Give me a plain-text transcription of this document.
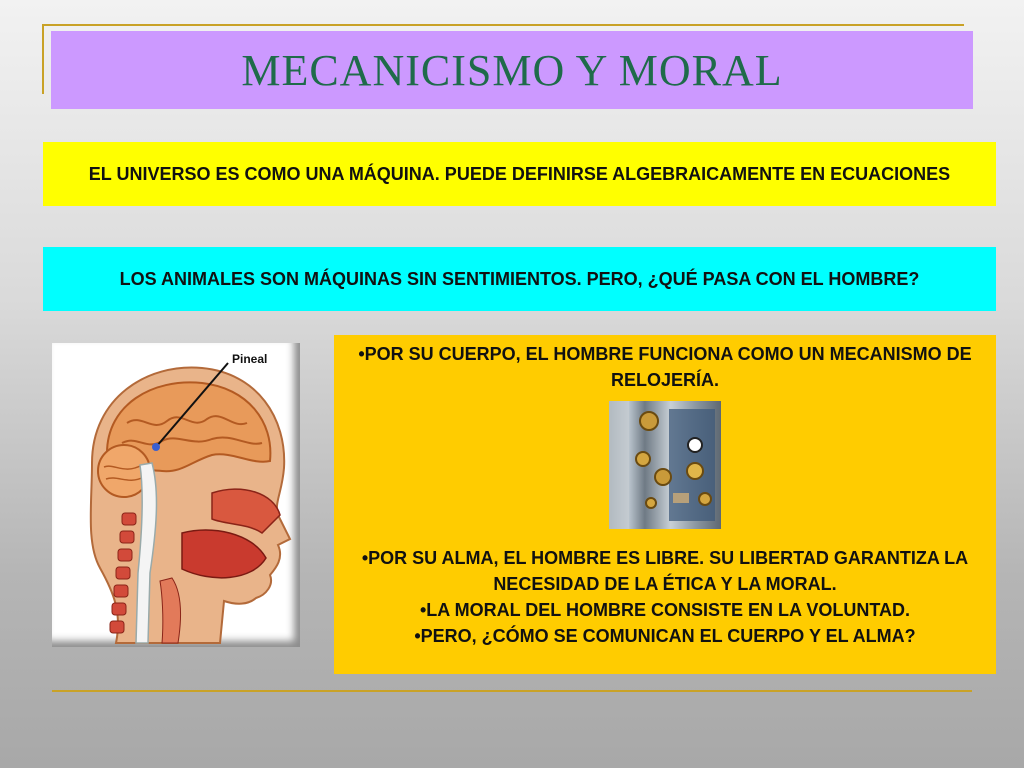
MECANICISMO Y MORAL
EL UNIVERSO ES COMO UNA MÁQUINA. PUEDE DEFINIRSE ALGEBRAICAMENTE EN ECUACIONES
LOS ANIMALES SON MÁQUINAS SIN SENTIMIENTOS. PERO, ¿QUÉ PASA CON EL HOMBRE?
Pineal	•POR SU CUERPO, EL HOMBRE FUNCIONA COMO UN MECANISMO DE RELOJERÍA.

•POR SU ALMA, EL HOMBRE ES LIBRE. SU LIBERTAD GARANTIZA LA NECESIDAD DE LA ÉTICA Y LA MORAL.

•LA MORAL DEL HOMBRE CONSISTE EN LA VOLUNTAD.

•PERO, ¿CÓMO SE COMUNICAN EL CUERPO Y EL ALMA?
